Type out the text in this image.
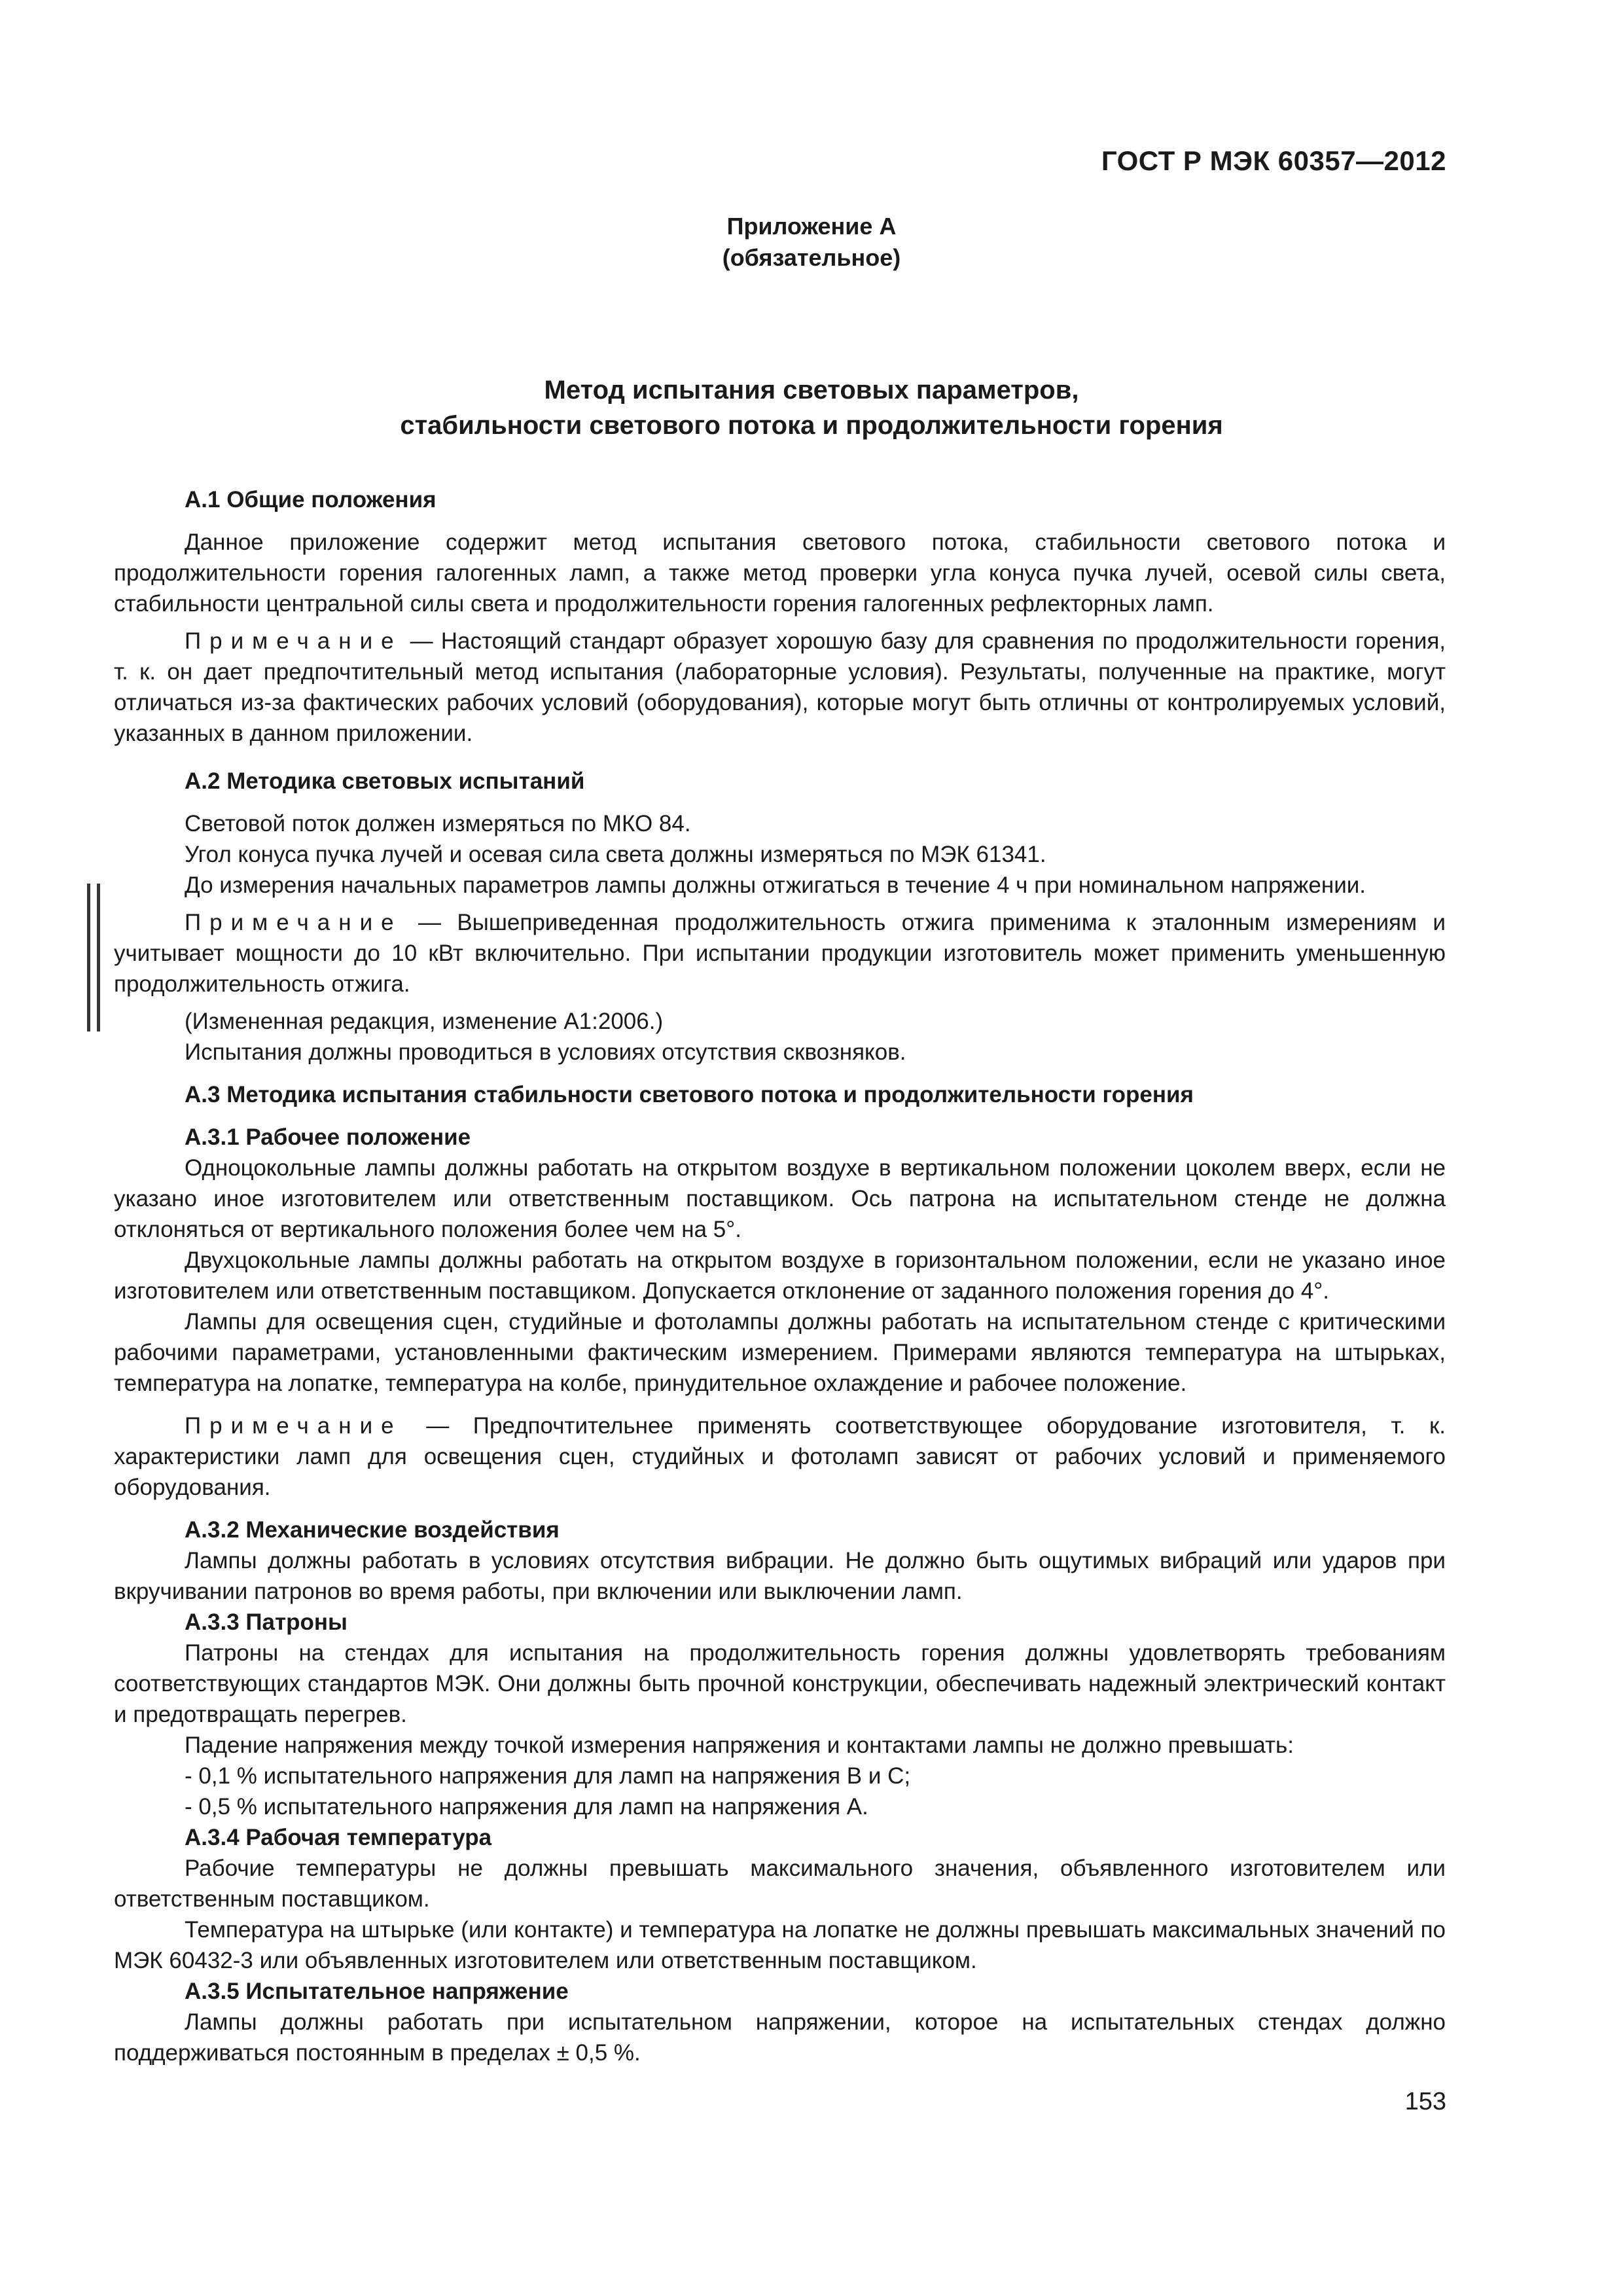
ГОСТ Р МЭК 60357—2012
Приложение А
(обязательное)
Метод испытания световых параметров,
стабильности светового потока и продолжительности горения
А.1 Общие положения

Данное приложение содержит метод испытания светового потока, стабильности светового потока и продолжительности горения галогенных ламп, а также метод проверки угла конуса пучка лучей, осевой силы света, стабильности центральной силы света и продолжительности горения галогенных рефлекторных ламп.

Примечание — Настоящий стандарт образует хорошую базу для сравнения по продолжительности горения, т. к. он дает предпочтительный метод испытания (лабораторные условия). Результаты, полученные на практике, могут отличаться из-за фактических рабочих условий (оборудования), которые могут быть отличны от контролируемых условий, указанных в данном приложении.

А.2 Методика световых испытаний

Световой поток должен измеряться по МКО 84.

Угол конуса пучка лучей и осевая сила света должны измеряться по МЭК 61341.

До измерения начальных параметров лампы должны отжигаться в течение 4 ч при номинальном напряжении.

Примечание — Вышеприведенная продолжительность отжига применима к эталонным измерениям и учитывает мощности до 10 кВт включительно. При испытании продукции изготовитель может применить уменьшенную продолжительность отжига.

(Измененная редакция, изменение А1:2006.)

Испытания должны проводиться в условиях отсутствия сквозняков.

А.3 Методика испытания стабильности светового потока и продолжительности горения
А.3.1 Рабочее положение

Одноцокольные лампы должны работать на открытом воздухе в вертикальном положении цоколем вверх, если не указано иное изготовителем или ответственным поставщиком. Ось патрона на испытательном стенде не должна отклоняться от вертикального положения более чем на 5°.

Двухцокольные лампы должны работать на открытом воздухе в горизонтальном положении, если не указано иное изготовителем или ответственным поставщиком. Допускается отклонение от заданного положения горения до 4°.

Лампы для освещения сцен, студийные и фотолампы должны работать на испытательном стенде с критическими рабочими параметрами, установленными фактическим измерением. Примерами являются температура на штырьках, температура на лопатке, температура на колбе, принудительное охлаждение и рабочее положение.

Примечание — Предпочтительнее применять соответствующее оборудование изготовителя, т. к. характеристики ламп для освещения сцен, студийных и фотоламп зависят от рабочих условий и применяемого оборудования.

А.3.2 Механические воздействия

Лампы должны работать в условиях отсутствия вибрации. Не должно быть ощутимых вибраций или ударов при вкручивании патронов во время работы, при включении или выключении ламп.

А.3.3 Патроны

Патроны на стендах для испытания на продолжительность горения должны удовлетворять требованиям соответствующих стандартов МЭК. Они должны быть прочной конструкции, обеспечивать надежный электрический контакт и предотвращать перегрев.

Падение напряжения между точкой измерения напряжения и контактами лампы не должно превышать:

- 0,1 % испытательного напряжения для ламп на напряжения В и С;

- 0,5 % испытательного напряжения для ламп на напряжения А.

А.3.4 Рабочая температура

Рабочие температуры не должны превышать максимального значения, объявленного изготовителем или ответственным поставщиком.

Температура на штырьке (или контакте) и температура на лопатке не должны превышать максимальных значений по МЭК 60432-3 или объявленных изготовителем или ответственным поставщиком.

А.3.5 Испытательное напряжение

Лампы должны работать при испытательном напряжении, которое на испытательных стендах должно поддерживаться постоянным в пределах ± 0,5 %.

153
